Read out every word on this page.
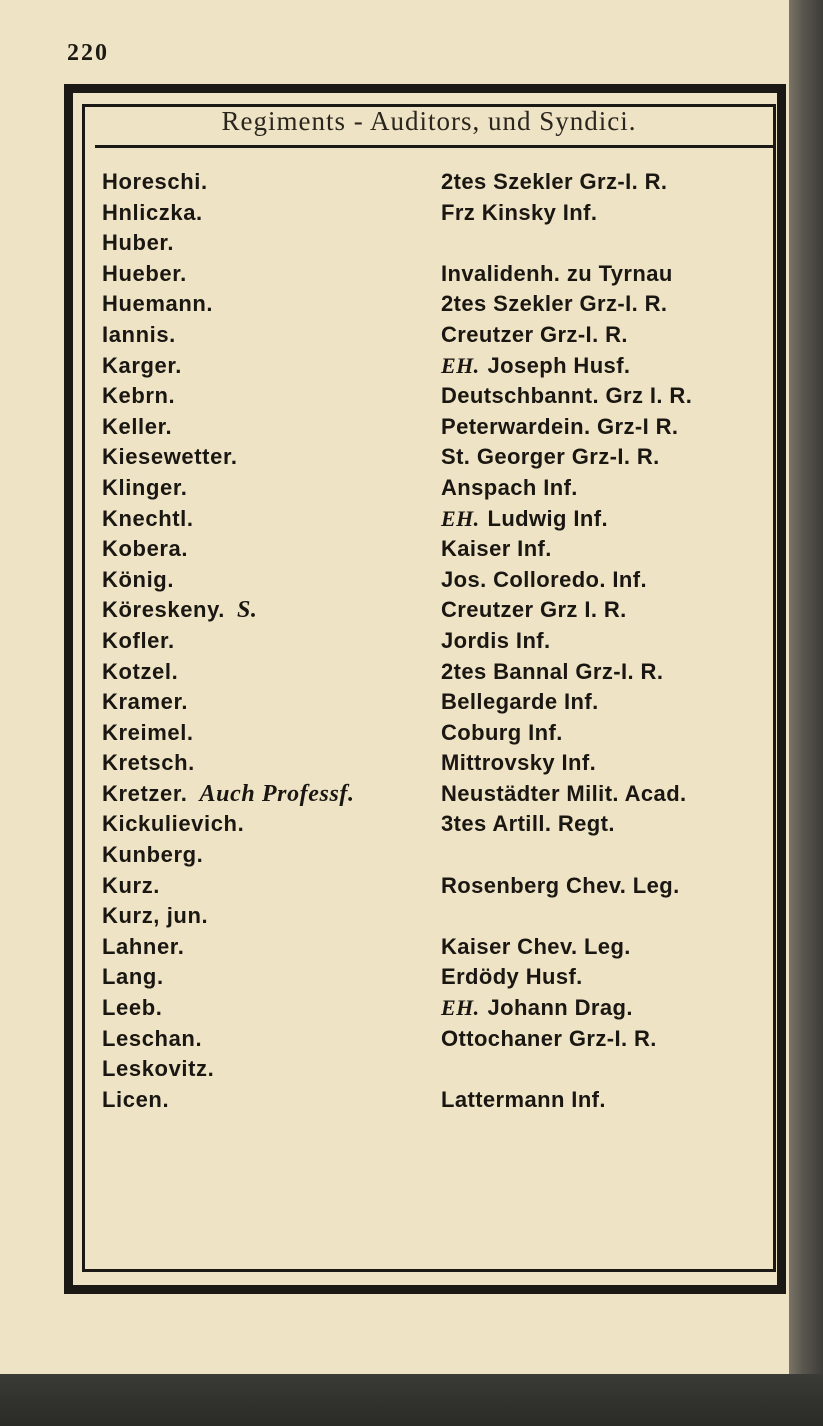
220
Regiments - Auditors, und Syndici.
Horeschi.	2tes Szekler Grz-I. R.
Hnliczka.	Frz Kinsky Inf.
Huber.
Hueber.	Invalidenh. zu Tyrnau
Huemann.	2tes Szekler Grz-I. R.
Iannis.	Creutzer Grz-I. R.
Karger.	EH. Joseph Husf.
Kebrn.	Deutschbannt. Grz I. R.
Keller.	Peterwardein. Grz-I R.
Kiesewetter.	St. Georger Grz-I. R.
Klinger.	Anspach Inf.
Knechtl.	EH. Ludwig Inf.
Kobera.	Kaiser Inf.
König.	Jos. Colloredo. Inf.
Köreskeny. S.	Creutzer Grz I. R.
Kofler.	Jordis Inf.
Kotzel.	2tes Bannal Grz-I. R.
Kramer.	Bellegarde Inf.
Kreimel.	Coburg Inf.
Kretsch.	Mittrovsky Inf.
Kretzer. Auch Professf.	Neustädter Milit. Acad.
Kickulievich.	3tes Artill. Regt.
Kunberg.
Kurz.	Rosenberg Chev. Leg.
Kurz, jun.
Lahner.	Kaiser Chev. Leg.
Lang.	Erdödy Husf.
Leeb.	EH. Johann Drag.
Leschan.	Ottochaner Grz-I. R.
Leskovitz.
Licen.	Lattermann Inf.
